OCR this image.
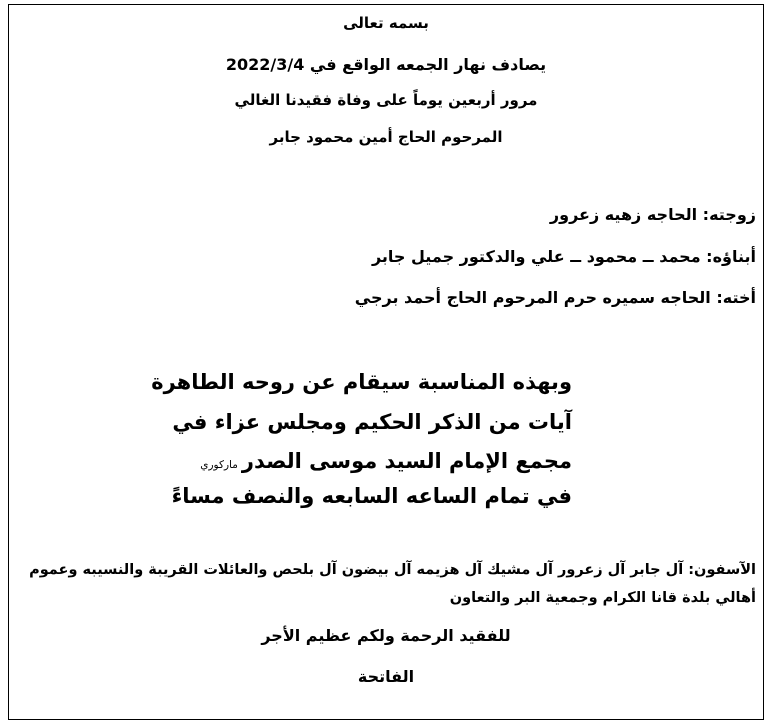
بسمه تعالى
يصادف نهار الجمعه الواقع في 2022/3/4
مرور أربعين يوماً على وفاة فقيدنا الغالي
المرحوم الحاج أمين محمود جابر
زوجته: الحاجه زهيه زعرور
أبناؤه: محمد ــ محمود ــ علي والدكتور جميل جابر
أخته: الحاجه سميره حرم المرحوم الحاج أحمد برجي
وبهذه المناسبة سيقام عن روحه الطاهرة
آيات من الذكر الحكيم ومجلس عزاء في
مجمع الإمام السيد موسى الصدرماركوري
في تمام الساعه السابعه والنصف مساءً
الآسفون: آل جابر آل زعرور آل مشيك آل هزيمه آل بيضون آل بلحص والعائلات القريبة والنسيبه وعموم
أهالي بلدة قانا الكرام وجمعية البر والتعاون
للفقيد الرحمة ولكم عظيم الأجر
الفاتحة
